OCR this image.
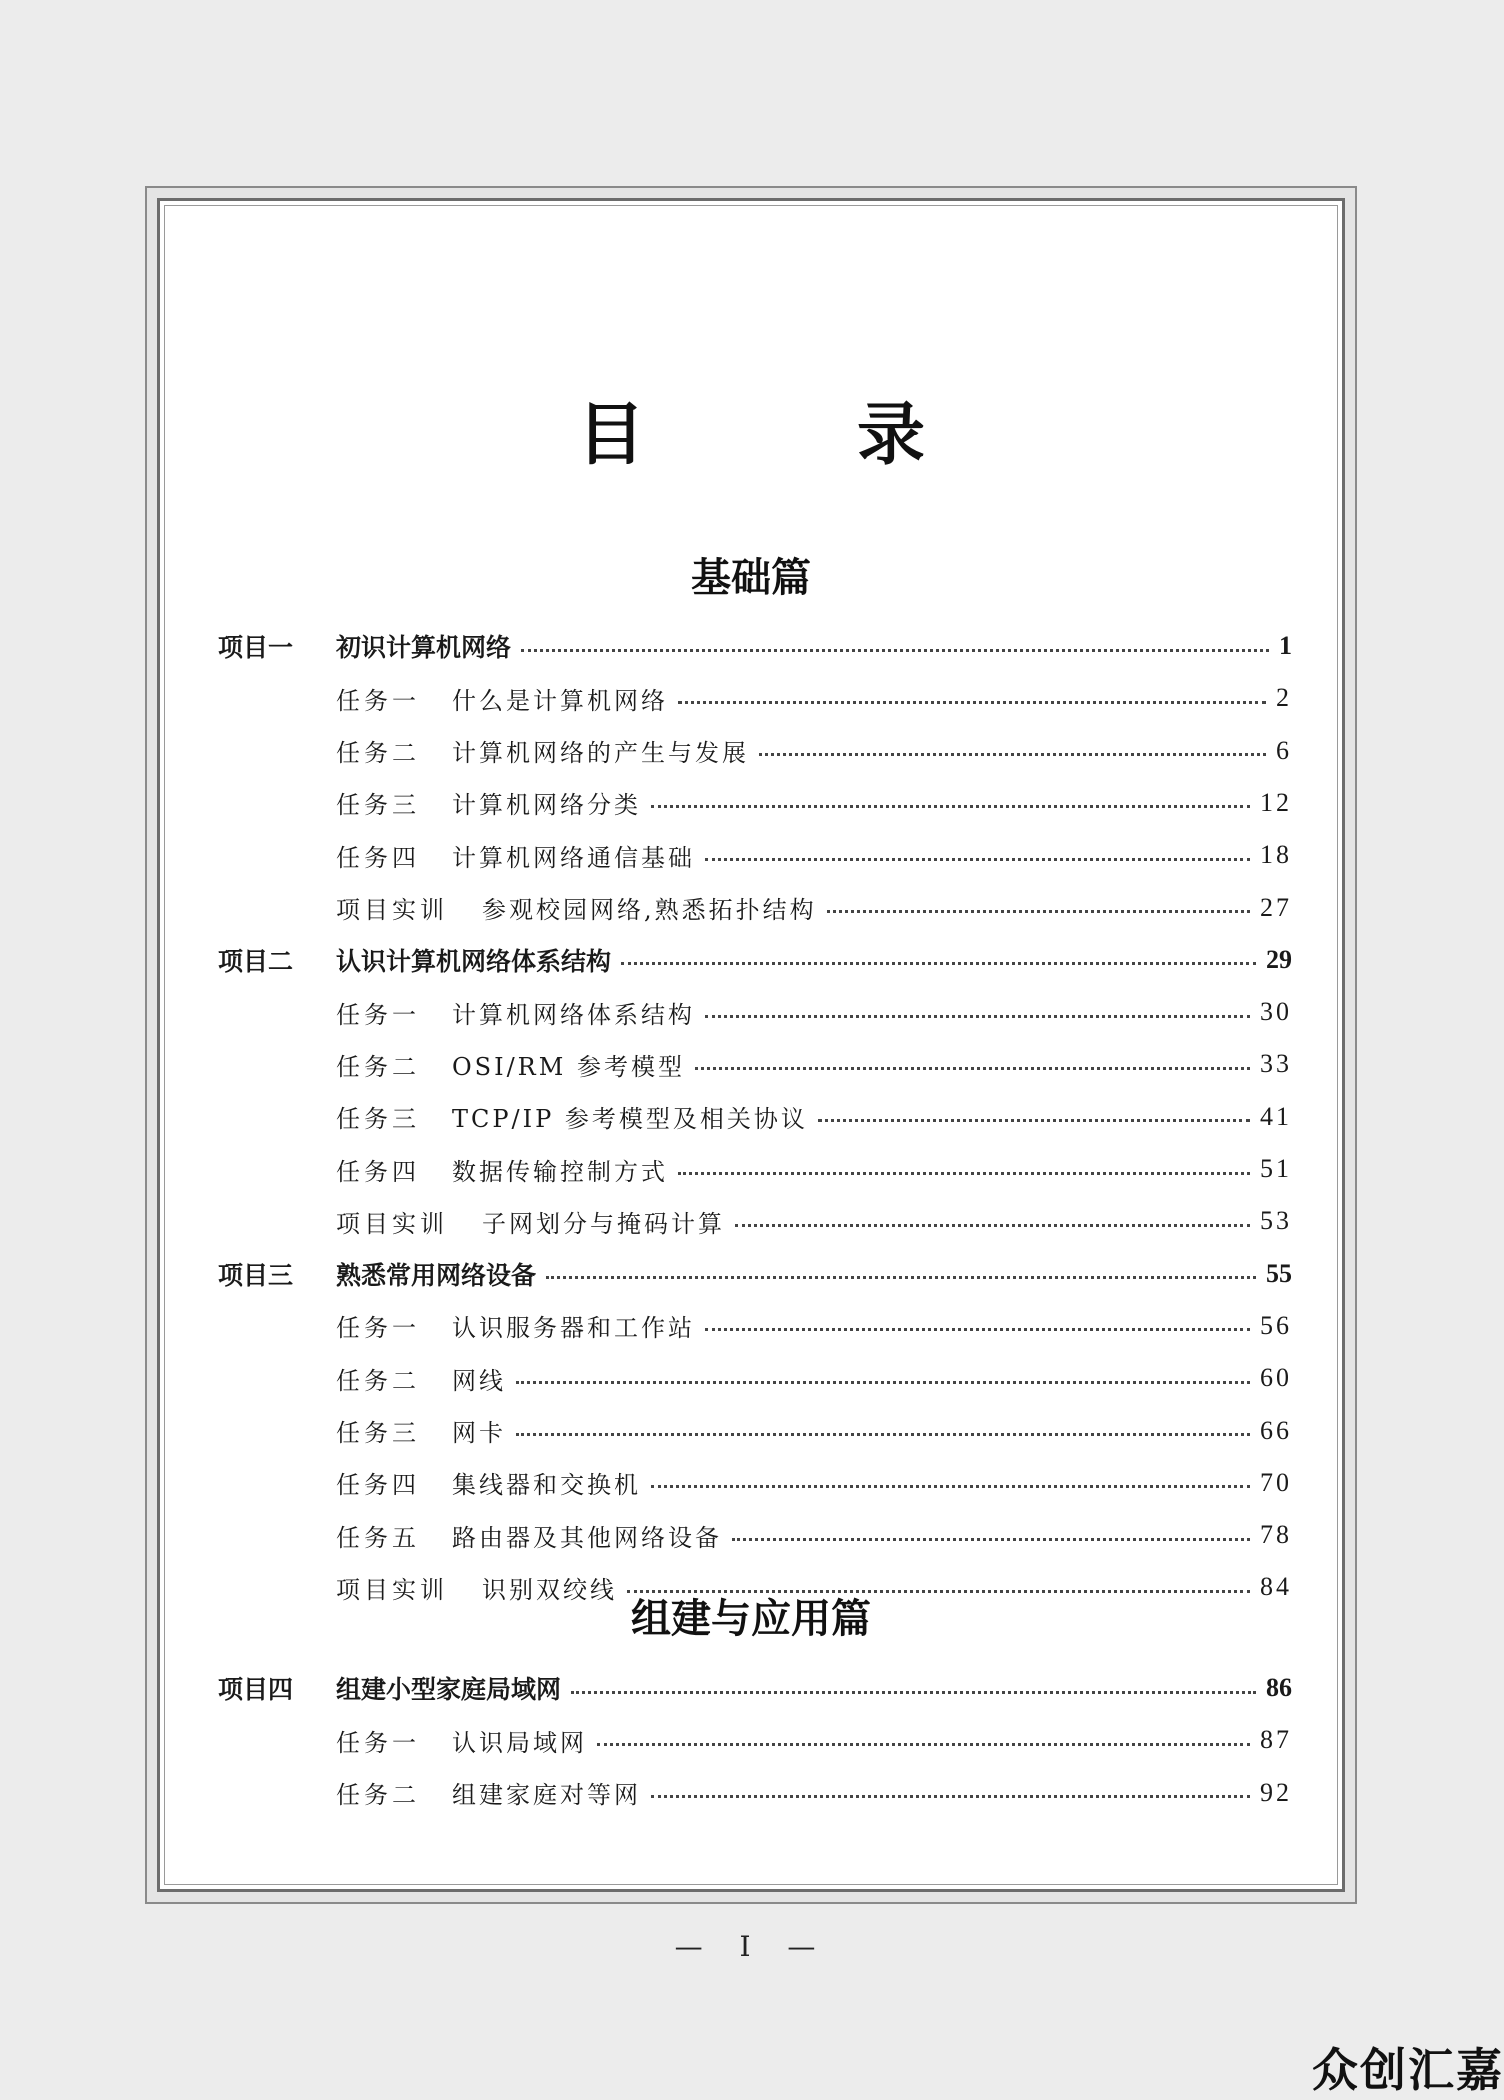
目　录
基础篇
项目一	初识计算机网络	1
任务一	什么是计算机网络	2
任务二	计算机网络的产生与发展	6
任务三	计算机网络分类	12
任务四	计算机网络通信基础	18
项目实训	参观校园网络,熟悉拓扑结构	27
项目二	认识计算机网络体系结构	29
任务一	计算机网络体系结构	30
任务二	OSI/RM 参考模型	33
任务三	TCP/IP 参考模型及相关协议	41
任务四	数据传输控制方式	51
项目实训	子网划分与掩码计算	53
项目三	熟悉常用网络设备	55
任务一	认识服务器和工作站	56
任务二	网线	60
任务三	网卡	66
任务四	集线器和交换机	70
任务五	路由器及其他网络设备	78
项目实训	识别双绞线	84
组建与应用篇
项目四	组建小型家庭局域网	86
任务一	认识局域网	87
任务二	组建家庭对等网	92
— I —
众创汇嘉
